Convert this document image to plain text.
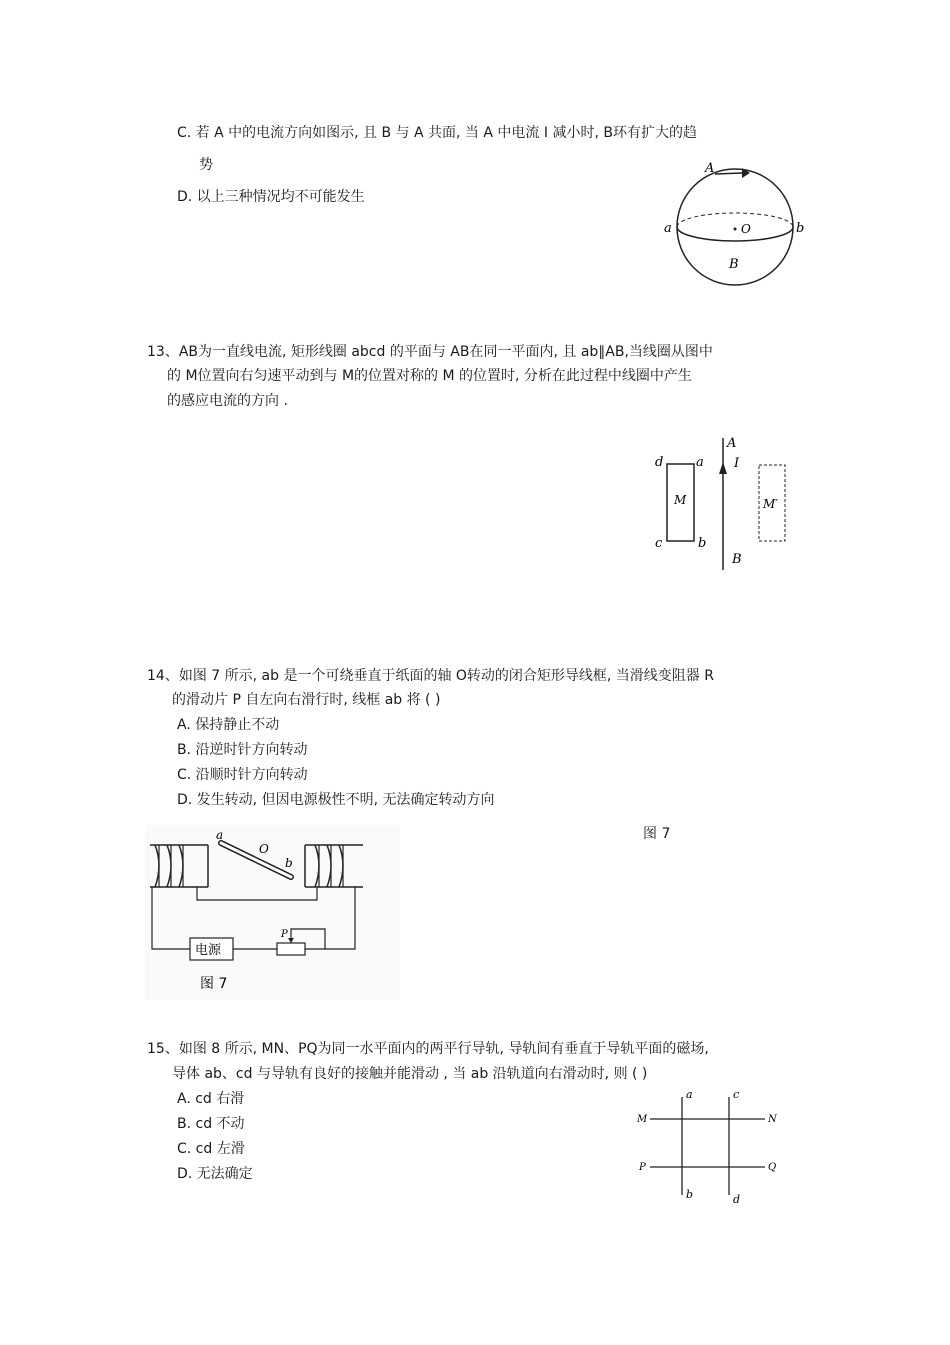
C. 若 A 中的电流方向如图示, 且 B 与 A 共面, 当 A 中电流 I 减小时, B环有扩大的趋
势
D. 以上三种情况均不可能发生
A
a	b
B
O
13、AB为一直线电流, 矩形线圈 abcd 的平面与 AB在同一平面内, 且 ab∥AB,当线圈从图中
的 M位置向右匀速平动到与 M的位置对称的 M 的位置时, 分析在此过程中线圈中产生
的感应电流的方向 .
A
I
B
d	a
c	b
M	M′
14、如图 7 所示, ab 是一个可绕垂直于纸面的轴 O转动的闭合矩形导线框, 当滑线变阻器 R
的滑动片 P 自左向右滑行时, 线框 ab 将 ( )
A. 保持静止不动
B. 沿逆时针方向转动
C. 沿顺时针方向转动
D. 发生转动, 但因电源极性不明, 无法确定转动方向
图 7
a
O
b
电源
P
图 7
15、如图 8 所示, MN、PQ为同一水平面内的两平行导轨, 导轨间有垂直于导轨平面的磁场,
导体 ab、cd 与导轨有良好的接触并能滑动 , 当 ab 沿轨道向右滑动时, 则 ( )
A. cd 右滑
B. cd 不动
C. cd 左滑
D. 无法确定
a	c
M	N
P	Q
b	d
